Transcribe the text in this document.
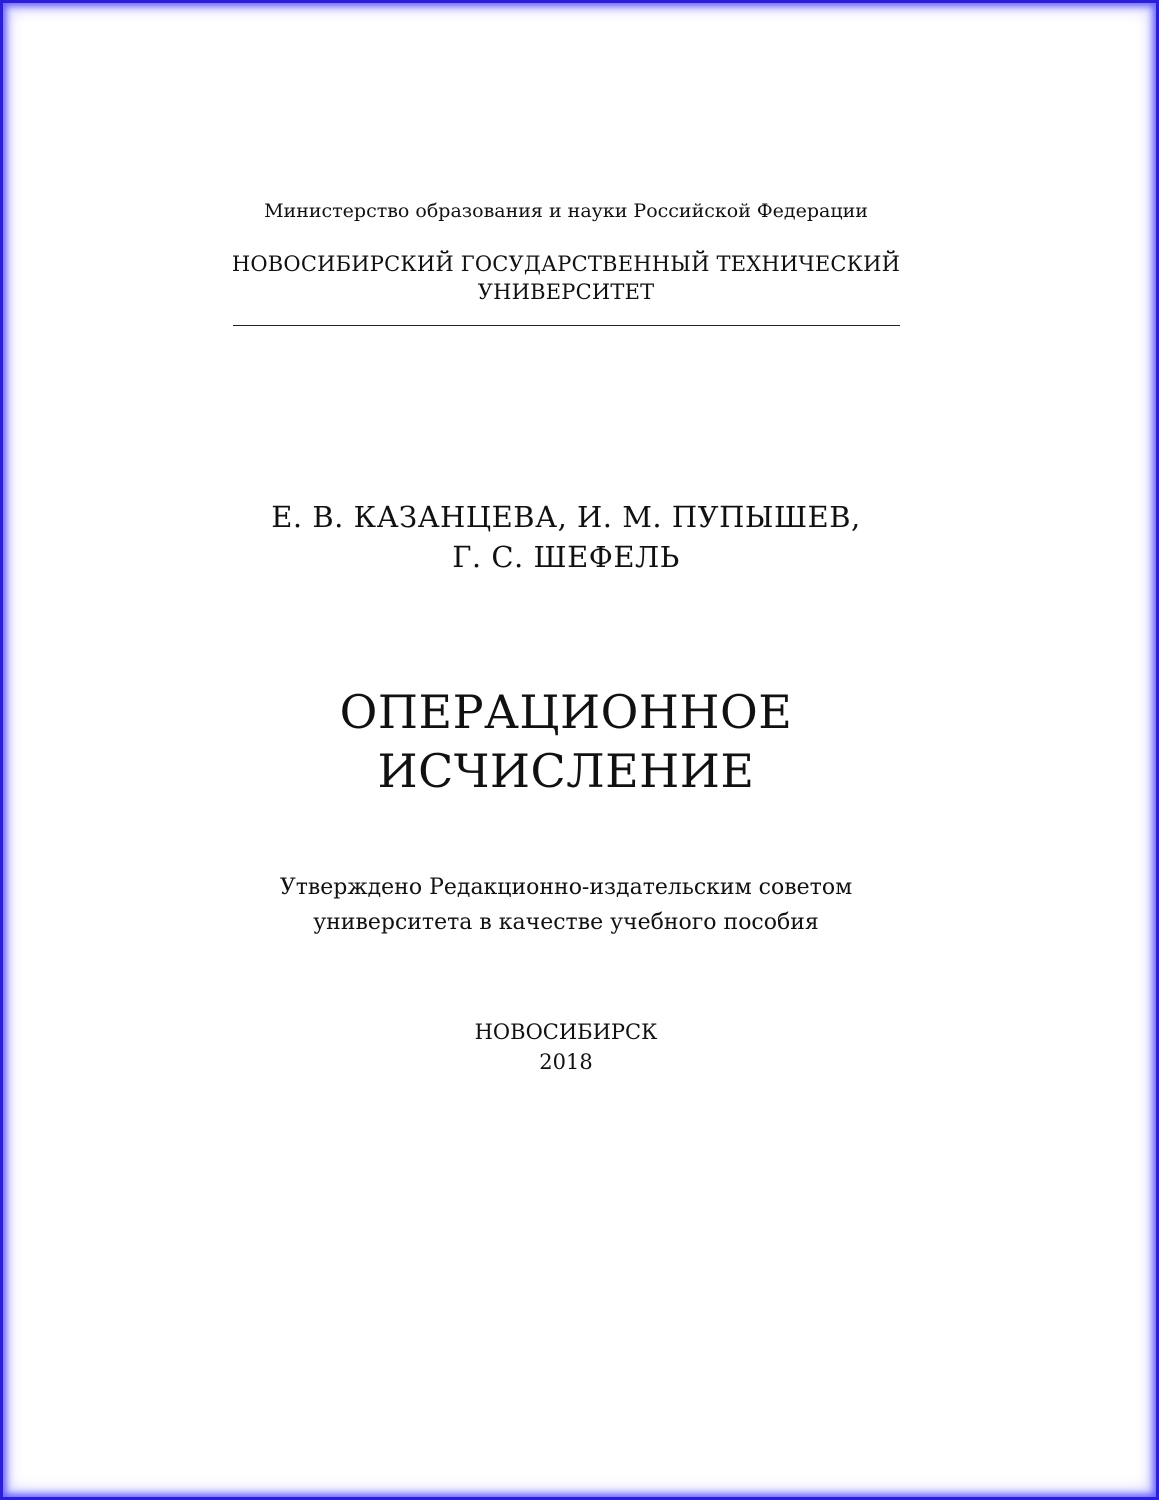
Министерство образования и науки Российской Федерации
НОВОСИБИРСКИЙ ГОСУДАРСТВЕННЫЙ ТЕХНИЧЕСКИЙ
УНИВЕРСИТЕТ
Е. В. КАЗАНЦЕВА, И. М. ПУПЫШЕВ,
Г. С. ШЕФЕЛЬ
ОПЕРАЦИОННОЕ
ИСЧИСЛЕНИЕ
Утверждено Редакционно-издательским советом
университета в качестве учебного пособия
НОВОСИБИРСК
2018
